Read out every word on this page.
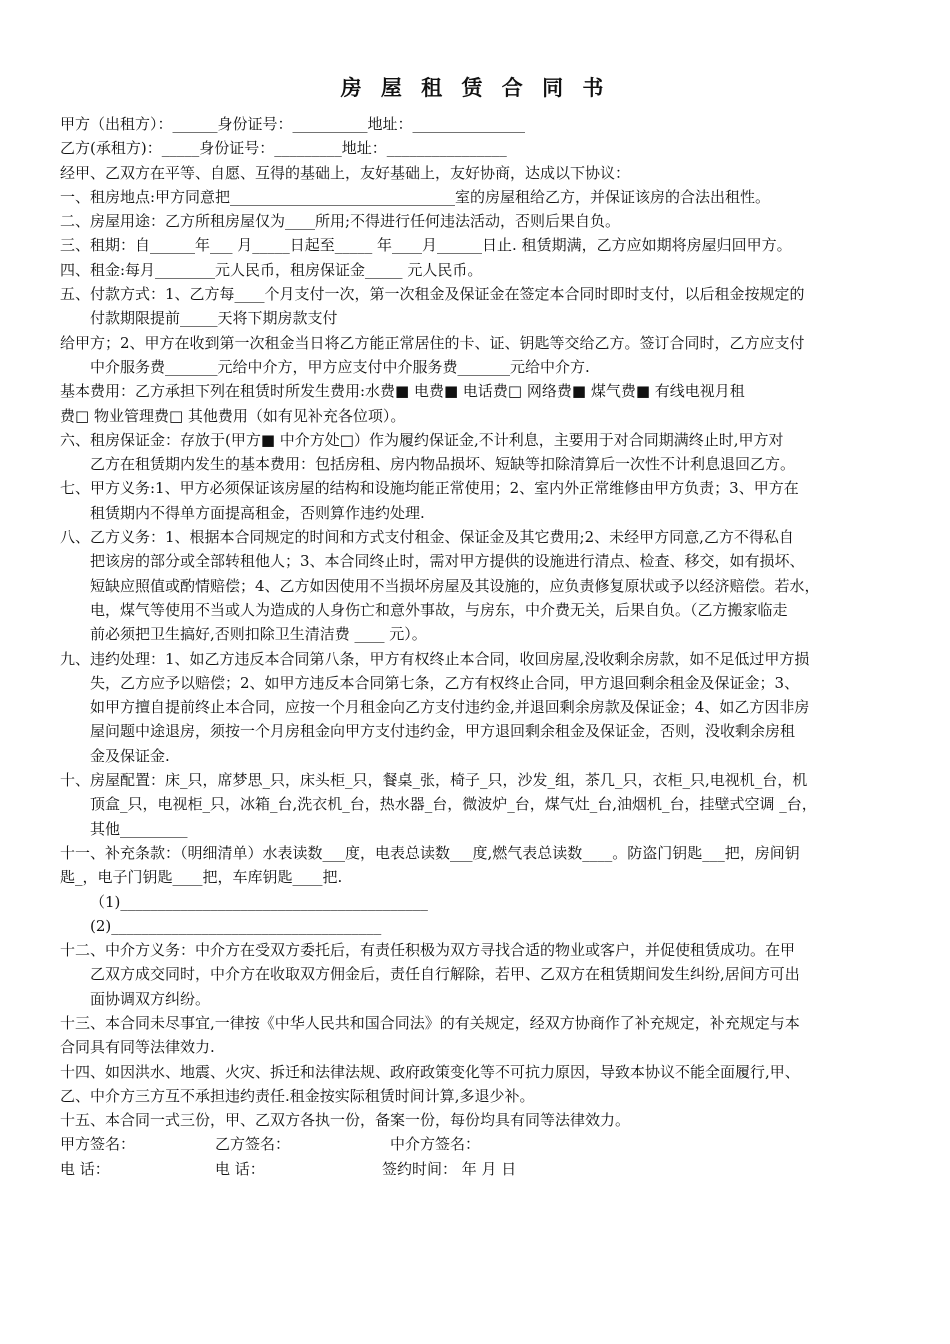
房 屋 租 赁 合 同 书
甲方（出租方）：______身份证号：__________地址：_______________
乙方(承租方)：_____身份证号：_________地址：________________
经甲、乙双方在平等、自愿、互得的基础上，友好基础上，友好协商，达成以下协议：
一、租房地点:甲方同意把______________________________室的房屋租给乙方，并保证该房的合法出租性。
二、房屋用途：乙方所租房屋仅为____所用;不得进行任何违法活动，否则后果自负。
三、租期：自______年___ 月_____日起至_____ 年____月______日止. 租赁期满，乙方应如期将房屋归回甲方。
四、租金:每月________元人民币，租房保证金_____ 元人民币。
五、付款方式：1、乙方每____个月支付一次，第一次租金及保证金在签定本合同时即时支付，以后租金按规定的
付款期限提前_____天将下期房款支付
给甲方；2、甲方在收到第一次租金当日将乙方能正常居住的卡、证、钥匙等交给乙方。签订合同时，乙方应支付
中介服务费_______元给中介方，甲方应支付中介服务费_______元给中介方.
基本费用：乙方承担下列在租赁时所发生费用:水费■ 电费■ 电话费□ 网络费■ 煤气费■ 有线电视月租
费□ 物业管理费□ 其他费用（如有见补充各位项）。
六、租房保证金：存放于(甲方■ 中介方处□）作为履约保证金,不计利息，主要用于对合同期满终止时,甲方对
乙方在租赁期内发生的基本费用：包括房租、房内物品损坏、短缺等扣除清算后一次性不计利息退回乙方。
七、甲方义务:1、甲方必须保证该房屋的结构和设施均能正常使用；2、室内外正常维修由甲方负责；3、甲方在
租赁期内不得单方面提高租金，否则算作违约处理.
八、乙方义务：1、根据本合同规定的时间和方式支付租金、保证金及其它费用;2、未经甲方同意,乙方不得私自
把该房的部分或全部转租他人；3、本合同终止时，需对甲方提供的设施进行清点、检查、移交，如有损坏、
短缺应照值或酌情赔偿；4、乙方如因使用不当损坏房屋及其设施的，应负责修复原状或予以经济赔偿。若水，
电，煤气等使用不当或人为造成的人身伤亡和意外事故，与房东，中介费无关，后果自负。（乙方搬家临走
前必须把卫生搞好,否则扣除卫生清洁费 ____ 元）。
九、违约处理：1、如乙方违反本合同第八条，甲方有权终止本合同，收回房屋,没收剩余房款，如不足低过甲方损
失，乙方应予以赔偿；2、如甲方违反本合同第七条，乙方有权终止合同，甲方退回剩余租金及保证金；3、
如甲方擅自提前终止本合同，应按一个月租金向乙方支付违约金,并退回剩余房款及保证金；4、如乙方因非房
屋问题中途退房，须按一个月房租金向甲方支付违约金，甲方退回剩余租金及保证金，否则，没收剩余房租
金及保证金.
十、房屋配置：床_只，席梦思_只，床头柜_只，餐桌_张，椅子_只，沙发_组，茶几_只，衣柜_只,电视机_台，机
顶盒_只，电视柜_只，冰箱_台,洗衣机_台，热水器_台，微波炉_台，煤气灶_台,油烟机_台，挂壁式空调 _台，
其他_________
十一、补充条款：（明细清单）水表读数___度，电表总读数___度,燃气表总读数____。防盗门钥匙___把，房间钥
匙_，电子门钥匙____把，车库钥匙____把.
（1)_________________________________________
(2)____________________________________
十二、中介方义务：中介方在受双方委托后，有责任积极为双方寻找合适的物业或客户，并促使租赁成功。在甲
乙双方成交同时，中介方在收取双方佣金后，责任自行解除，若甲、乙双方在租赁期间发生纠纷,居间方可出
面协调双方纠纷。
十三、本合同未尽事宜,一律按《中华人民共和国合同法》的有关规定，经双方协商作了补充规定，补充规定与本
合同具有同等法律效力.
十四、如因洪水、地震、火灾、拆迁和法律法规、政府政策变化等不可抗力原因，导致本协议不能全面履行,甲、
乙、中介方三方互不承担违约责任.租金按实际租赁时间计算,多退少补。
十五、本合同一式三份，甲、乙双方各执一份，备案一份，每份均具有同等法律效力。
甲方签名：	乙方签名：	中介方签名：
电 话：	电 话：	签约时间： 年 月 日
